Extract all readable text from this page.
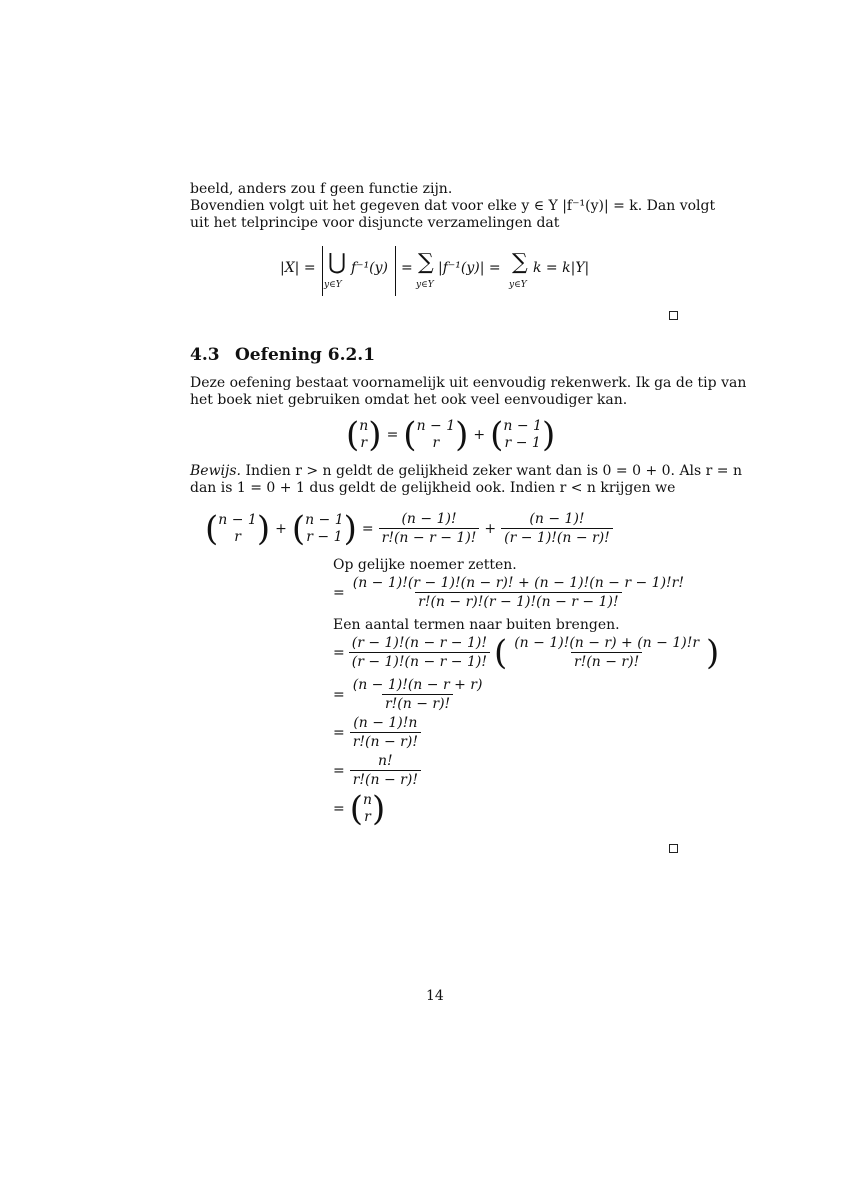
beeld, anders zou f geen functie zijn.
Bovendien volgt uit het gegeven dat voor elke y ∈ Y |f⁻¹(y)| = k. Dan volgt
uit het telprincipe voor disjuncte verzamelingen dat
|X| = ⋃
y∈Y
f⁻¹(y) = ∑
y∈Y
|f⁻¹(y)| = ∑
y∈Y
k = k|Y|
4.3 Oefening 6.2.1
Deze oefening bestaat voornamelijk uit eenvoudig rekenwerk. Ik ga de tip van
het boek niet gebruiken omdat het ook veel eenvoudiger kan.
( n
r ) = ( n − 1
r ) + ( n − 1
r − 1 )
Bewijs. Indien r > n geldt de gelijkheid zeker want dan is 0 = 0 + 0. Als r = n
dan is 1 = 0 + 1 dus geldt de gelijkheid ook. Indien r < n krijgen we
( n − 1
r ) + ( n − 1
r − 1 ) = $\frac{(n - 1)!}{r!(n - r - 1)!} + \frac{(n - 1)!}{(r - 1)!(n - r)!}$
Op gelijke noemer zetten.
= $\frac{(n - 1)!(r - 1)!(n - r)! + (n - 1)!(n - r - 1)!r!}{r!(n - r)!(r - 1)!(n - r - 1)!}$
Een aantal termen naar buiten brengen.
= $\frac{(r - 1)!(n - r - 1)!}{(r - 1)!(n - r - 1)!}$ ( $\frac{(n - 1)!(n - r) + (n - 1)!r}{r!(n - r)!}$ )
= $\frac{(n - 1)!(n - r + r)}{r!(n - r)!}$
= $\frac{(n - 1)!n}{r!(n - r)!}$
= $\frac{n!}{r!(n - r)!}$
= ( n
r )
14
